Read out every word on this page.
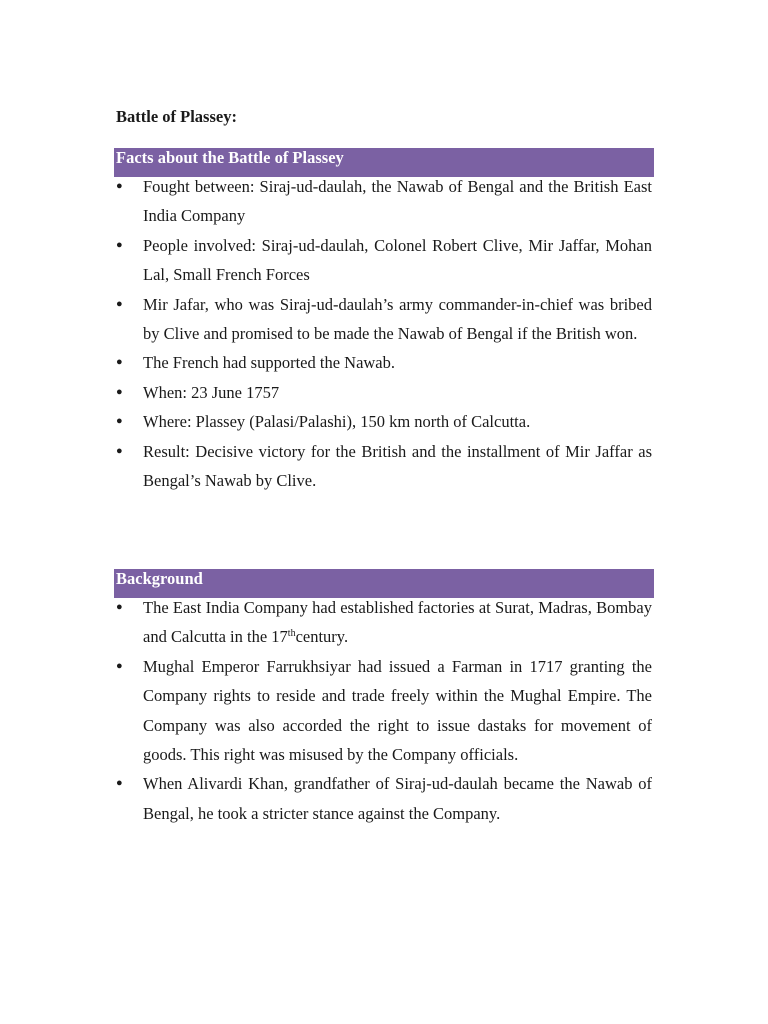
Battle of Plassey:
Facts about the Battle of Plassey
● Fought between: Siraj-ud-daulah, the Nawab of Bengal and the British East India Company
● People involved: Siraj-ud-daulah, Colonel Robert Clive, Mir Jaffar, Mohan Lal, Small French Forces
● Mir Jafar, who was Siraj-ud-daulah’s army commander-in-chief was bribed by Clive and promised to be made the Nawab of Bengal if the British won.
● The French had supported the Nawab.
● When: 23 June 1757
● Where: Plassey (Palasi/Palashi), 150 km north of Calcutta.
● Result: Decisive victory for the British and the installment of Mir Jaffar as Bengal’s Nawab by Clive.
Background
● The East India Company had established factories at Surat, Madras, Bombay and Calcutta in the 17thcentury.
● Mughal Emperor Farrukhsiyar had issued a Farman in 1717 granting the Company rights to reside and trade freely within the Mughal Empire. The Company was also accorded the right to issue dastaks for movement of goods. This right was misused by the Company officials.
● When Alivardi Khan, grandfather of Siraj-ud-daulah became the Nawab of Bengal, he took a stricter stance against the Company.
